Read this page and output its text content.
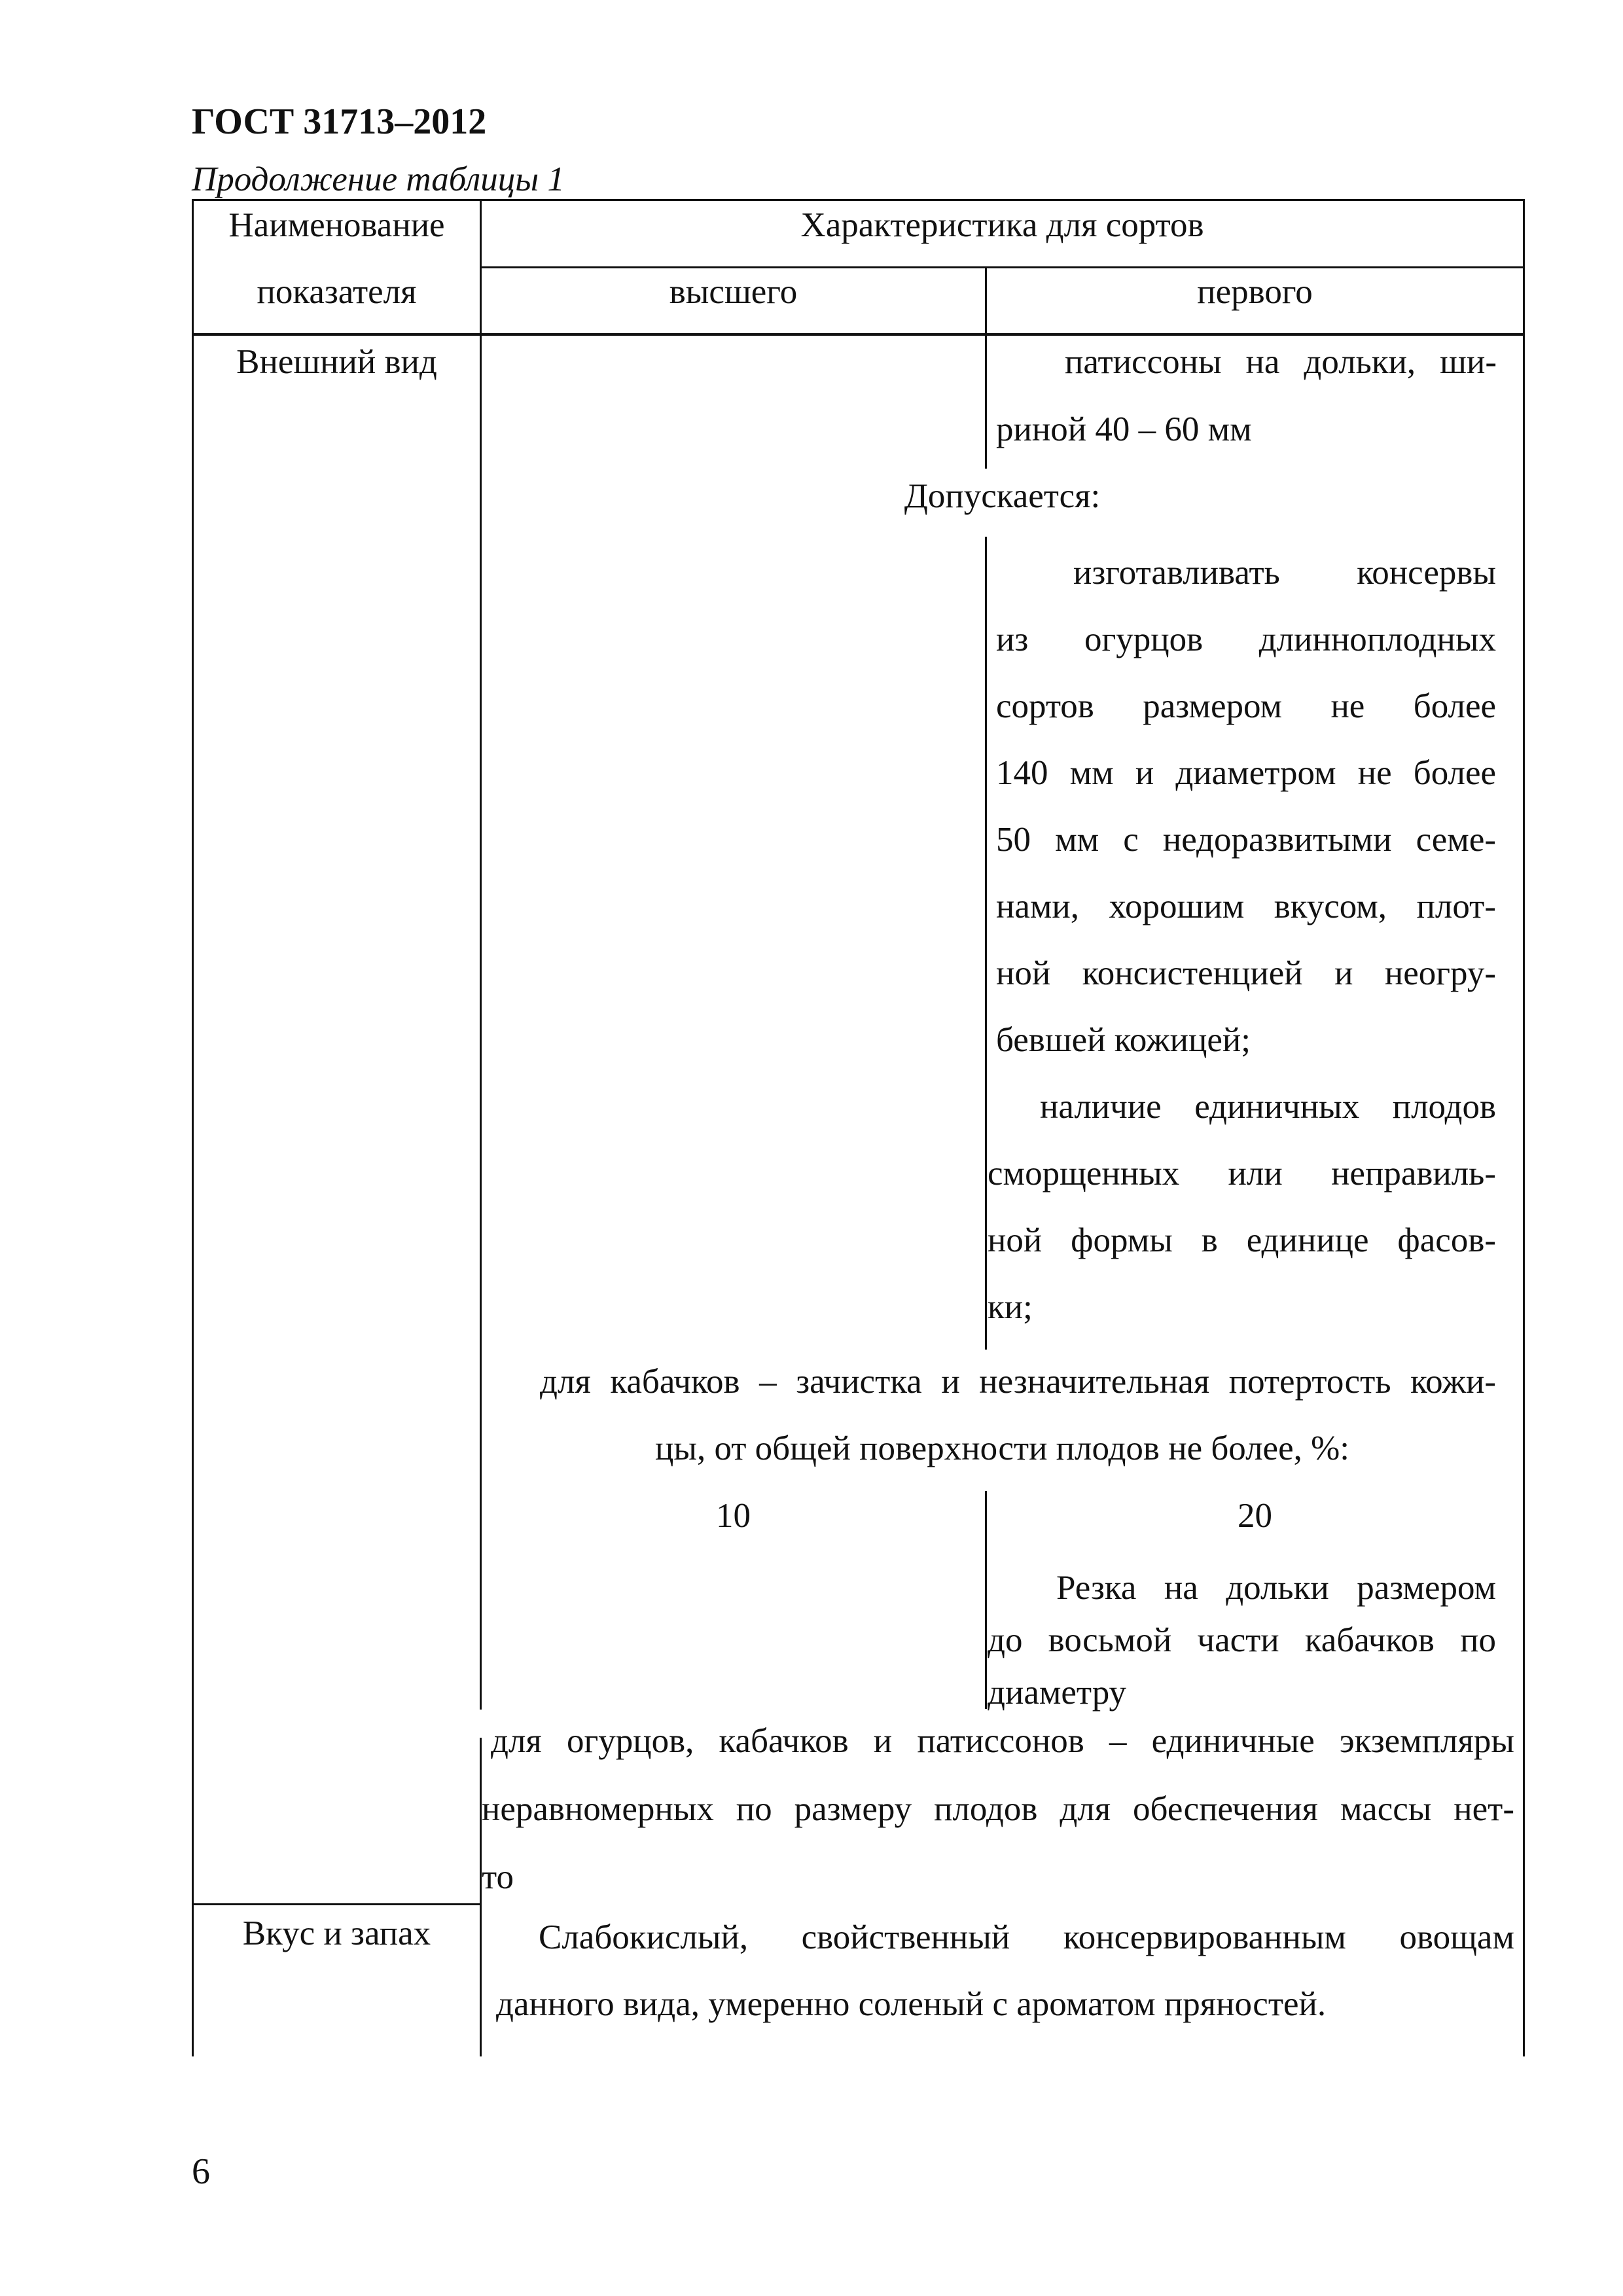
ГОСТ 31713–2012
Продолжение таблицы 1
Наименование
показателя
Характеристика для сортов
высшего	первого
Внешний вид	патиссоны на дольки, ши-
риной 40 – 60 мм
Допускается:
изготавливать консервы
из огурцов длинноплодных
сортов размером не более
140 мм и диаметром не более
50 мм с недоразвитыми семе-
нами, хорошим вкусом, плот-
ной консистенцией и неогру-
бевшей кожицей;
наличие единичных плодов
сморщенных или неправиль-
ной формы в единице фасов-
ки;
для кабачков – зачистка и незначительная потертость кожи-
цы, от общей поверхности плодов не более, %:
10	20
Резка на дольки размером
до восьмой части кабачков по
диаметру
для огурцов, кабачков и патиссонов – единичные экземпляры
неравномерных по размеру плодов для обеспечения массы нет-
то
Вкус и запах	Слабокислый, свойственный консервированным овощам
данного вида, умеренно соленый с ароматом пряностей.
6
